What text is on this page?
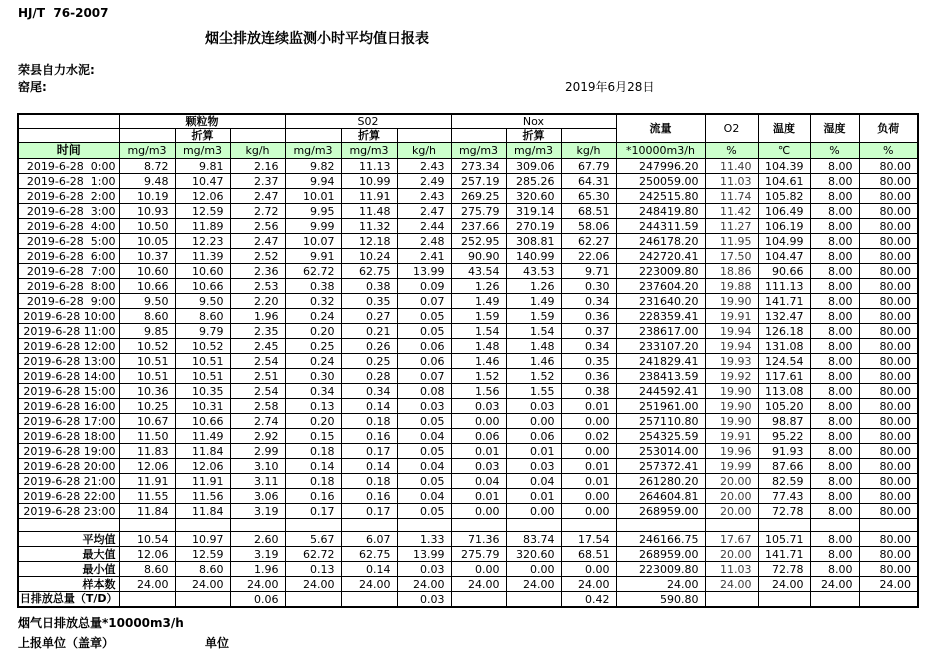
HJ/T  76-2007
烟尘排放连续监测小时平均值日报表
荣县自力水泥:
窑尾:	2019年6月28日
	颗粒物			S02			Nox			流量	O2	温度	湿度	负荷
		折算			折算			折算						
时间	mg/m3	mg/m3	kg/h	mg/m3	mg/m3	kg/h	mg/m3	mg/m3	kg/h	*10000m3/h	%	℃	%	%
2019-6-28  0:00	8.72	9.81	2.16	9.82	11.13	2.43	273.34	309.06	67.79	247996.20	11.40	104.39	8.00	80.00
2019-6-28  1:00	9.48	10.47	2.37	9.94	10.99	2.49	257.19	285.26	64.31	250059.00	11.03	104.61	8.00	80.00
2019-6-28  2:00	10.19	12.06	2.47	10.01	11.91	2.43	269.25	320.60	65.30	242515.80	11.74	105.82	8.00	80.00
2019-6-28  3:00	10.93	12.59	2.72	9.95	11.48	2.47	275.79	319.14	68.51	248419.80	11.42	106.49	8.00	80.00
2019-6-28  4:00	10.50	11.89	2.56	9.99	11.32	2.44	237.66	270.19	58.06	244311.59	11.27	106.19	8.00	80.00
2019-6-28  5:00	10.05	12.23	2.47	10.07	12.18	2.48	252.95	308.81	62.27	246178.20	11.95	104.99	8.00	80.00
2019-6-28  6:00	10.37	11.39	2.52	9.91	10.24	2.41	90.90	140.99	22.06	242720.41	17.50	104.47	8.00	80.00
2019-6-28  7:00	10.60	10.60	2.36	62.72	62.75	13.99	43.54	43.53	9.71	223009.80	18.86	90.66	8.00	80.00
2019-6-28  8:00	10.66	10.66	2.53	0.38	0.38	0.09	1.26	1.26	0.30	237604.20	19.88	111.13	8.00	80.00
2019-6-28  9:00	9.50	9.50	2.20	0.32	0.35	0.07	1.49	1.49	0.34	231640.20	19.90	141.71	8.00	80.00
2019-6-28 10:00	8.60	8.60	1.96	0.24	0.27	0.05	1.59	1.59	0.36	228359.41	19.91	132.47	8.00	80.00
2019-6-28 11:00	9.85	9.79	2.35	0.20	0.21	0.05	1.54	1.54	0.37	238617.00	19.94	126.18	8.00	80.00
2019-6-28 12:00	10.52	10.52	2.45	0.25	0.26	0.06	1.48	1.48	0.34	233107.20	19.94	131.08	8.00	80.00
2019-6-28 13:00	10.51	10.51	2.54	0.24	0.25	0.06	1.46	1.46	0.35	241829.41	19.93	124.54	8.00	80.00
2019-6-28 14:00	10.51	10.51	2.51	0.30	0.28	0.07	1.52	1.52	0.36	238413.59	19.92	117.61	8.00	80.00
2019-6-28 15:00	10.36	10.35	2.54	0.34	0.34	0.08	1.56	1.55	0.38	244592.41	19.90	113.08	8.00	80.00
2019-6-28 16:00	10.25	10.31	2.58	0.13	0.14	0.03	0.03	0.03	0.01	251961.00	19.90	105.20	8.00	80.00
2019-6-28 17:00	10.67	10.66	2.74	0.20	0.18	0.05	0.00	0.00	0.00	257110.80	19.90	98.87	8.00	80.00
2019-6-28 18:00	11.50	11.49	2.92	0.15	0.16	0.04	0.06	0.06	0.02	254325.59	19.91	95.22	8.00	80.00
2019-6-28 19:00	11.83	11.84	2.99	0.18	0.17	0.05	0.01	0.01	0.00	253014.00	19.96	91.93	8.00	80.00
2019-6-28 20:00	12.06	12.06	3.10	0.14	0.14	0.04	0.03	0.03	0.01	257372.41	19.99	87.66	8.00	80.00
2019-6-28 21:00	11.91	11.91	3.11	0.18	0.18	0.05	0.04	0.04	0.01	261280.20	20.00	82.59	8.00	80.00
2019-6-28 22:00	11.55	11.56	3.06	0.16	0.16	0.04	0.01	0.01	0.00	264604.81	20.00	77.43	8.00	80.00
2019-6-28 23:00	11.84	11.84	3.19	0.17	0.17	0.05	0.00	0.00	0.00	268959.00	20.00	72.78	8.00	80.00

平均值	10.54	10.97	2.60	5.67	6.07	1.33	71.36	83.74	17.54	246166.75	17.67	105.71	8.00	80.00
最大值	12.06	12.59	3.19	62.72	62.75	13.99	275.79	320.60	68.51	268959.00	20.00	141.71	8.00	80.00
最小值	8.60	8.60	1.96	0.13	0.14	0.03	0.00	0.00	0.00	223009.80	11.03	72.78	8.00	80.00
样本数	24.00	24.00	24.00	24.00	24.00	24.00	24.00	24.00	24.00	24.00	24.00	24.00	24.00	24.00

日排放总量（T/D）			0.06			0.03			0.42	590.80				
烟气日排放总量*10000m3/h
上报单位（盖章）	单位
